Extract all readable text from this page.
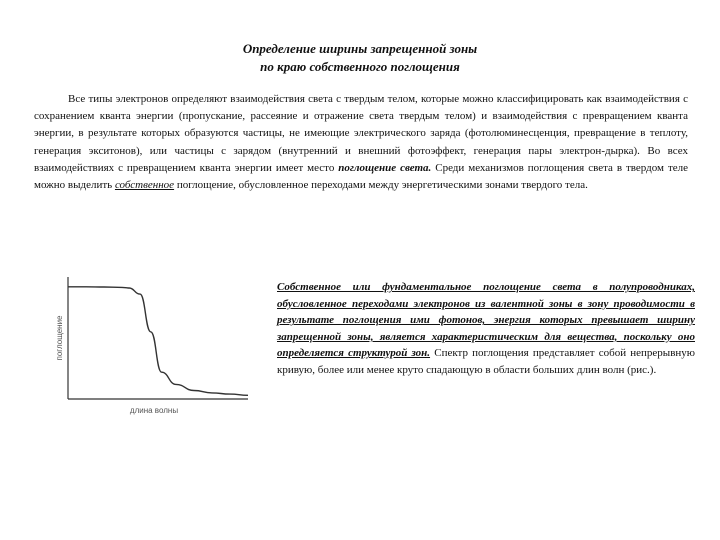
Определение ширины запрещенной зоны
по краю собственного поглощения
Все типы электронов определяют взаимодействия света с твердым телом, которые можно классифицировать как взаимодействия с сохранением кванта энергии (пропускание, рассеяние и отражение света твердым телом) и взаимодействия с превращением кванта энергии, в результате которых образуются частицы, не имеющие электрического заряда (фотолюминесценция, превращение в теплоту, генерация экситонов), или частицы с зарядом (внутренний и внешний фотоэффект, генерация пары электрон-дырка). Во всех взаимодействиях с превращением кванта энергии имеет место поглощение света. Среди механизмов поглощения света в твердом теле можно выделить собственное поглощение, обусловленное переходами между энергетическими зонами твердого тела.
поглощение
длина волны
Собственное или фундаментальное поглощение света в полупроводниках, обусловленное переходами электронов из валентной зоны в зону проводимости в результате поглощения ими фотонов, энергия которых превышает ширину запрещенной зоны, является характеристическим для вещества, поскольку оно определяется структурой зон. Спектр поглощения представляет собой непрерывную кривую, более или менее круто спадающую в области больших длин волн (рис.).
